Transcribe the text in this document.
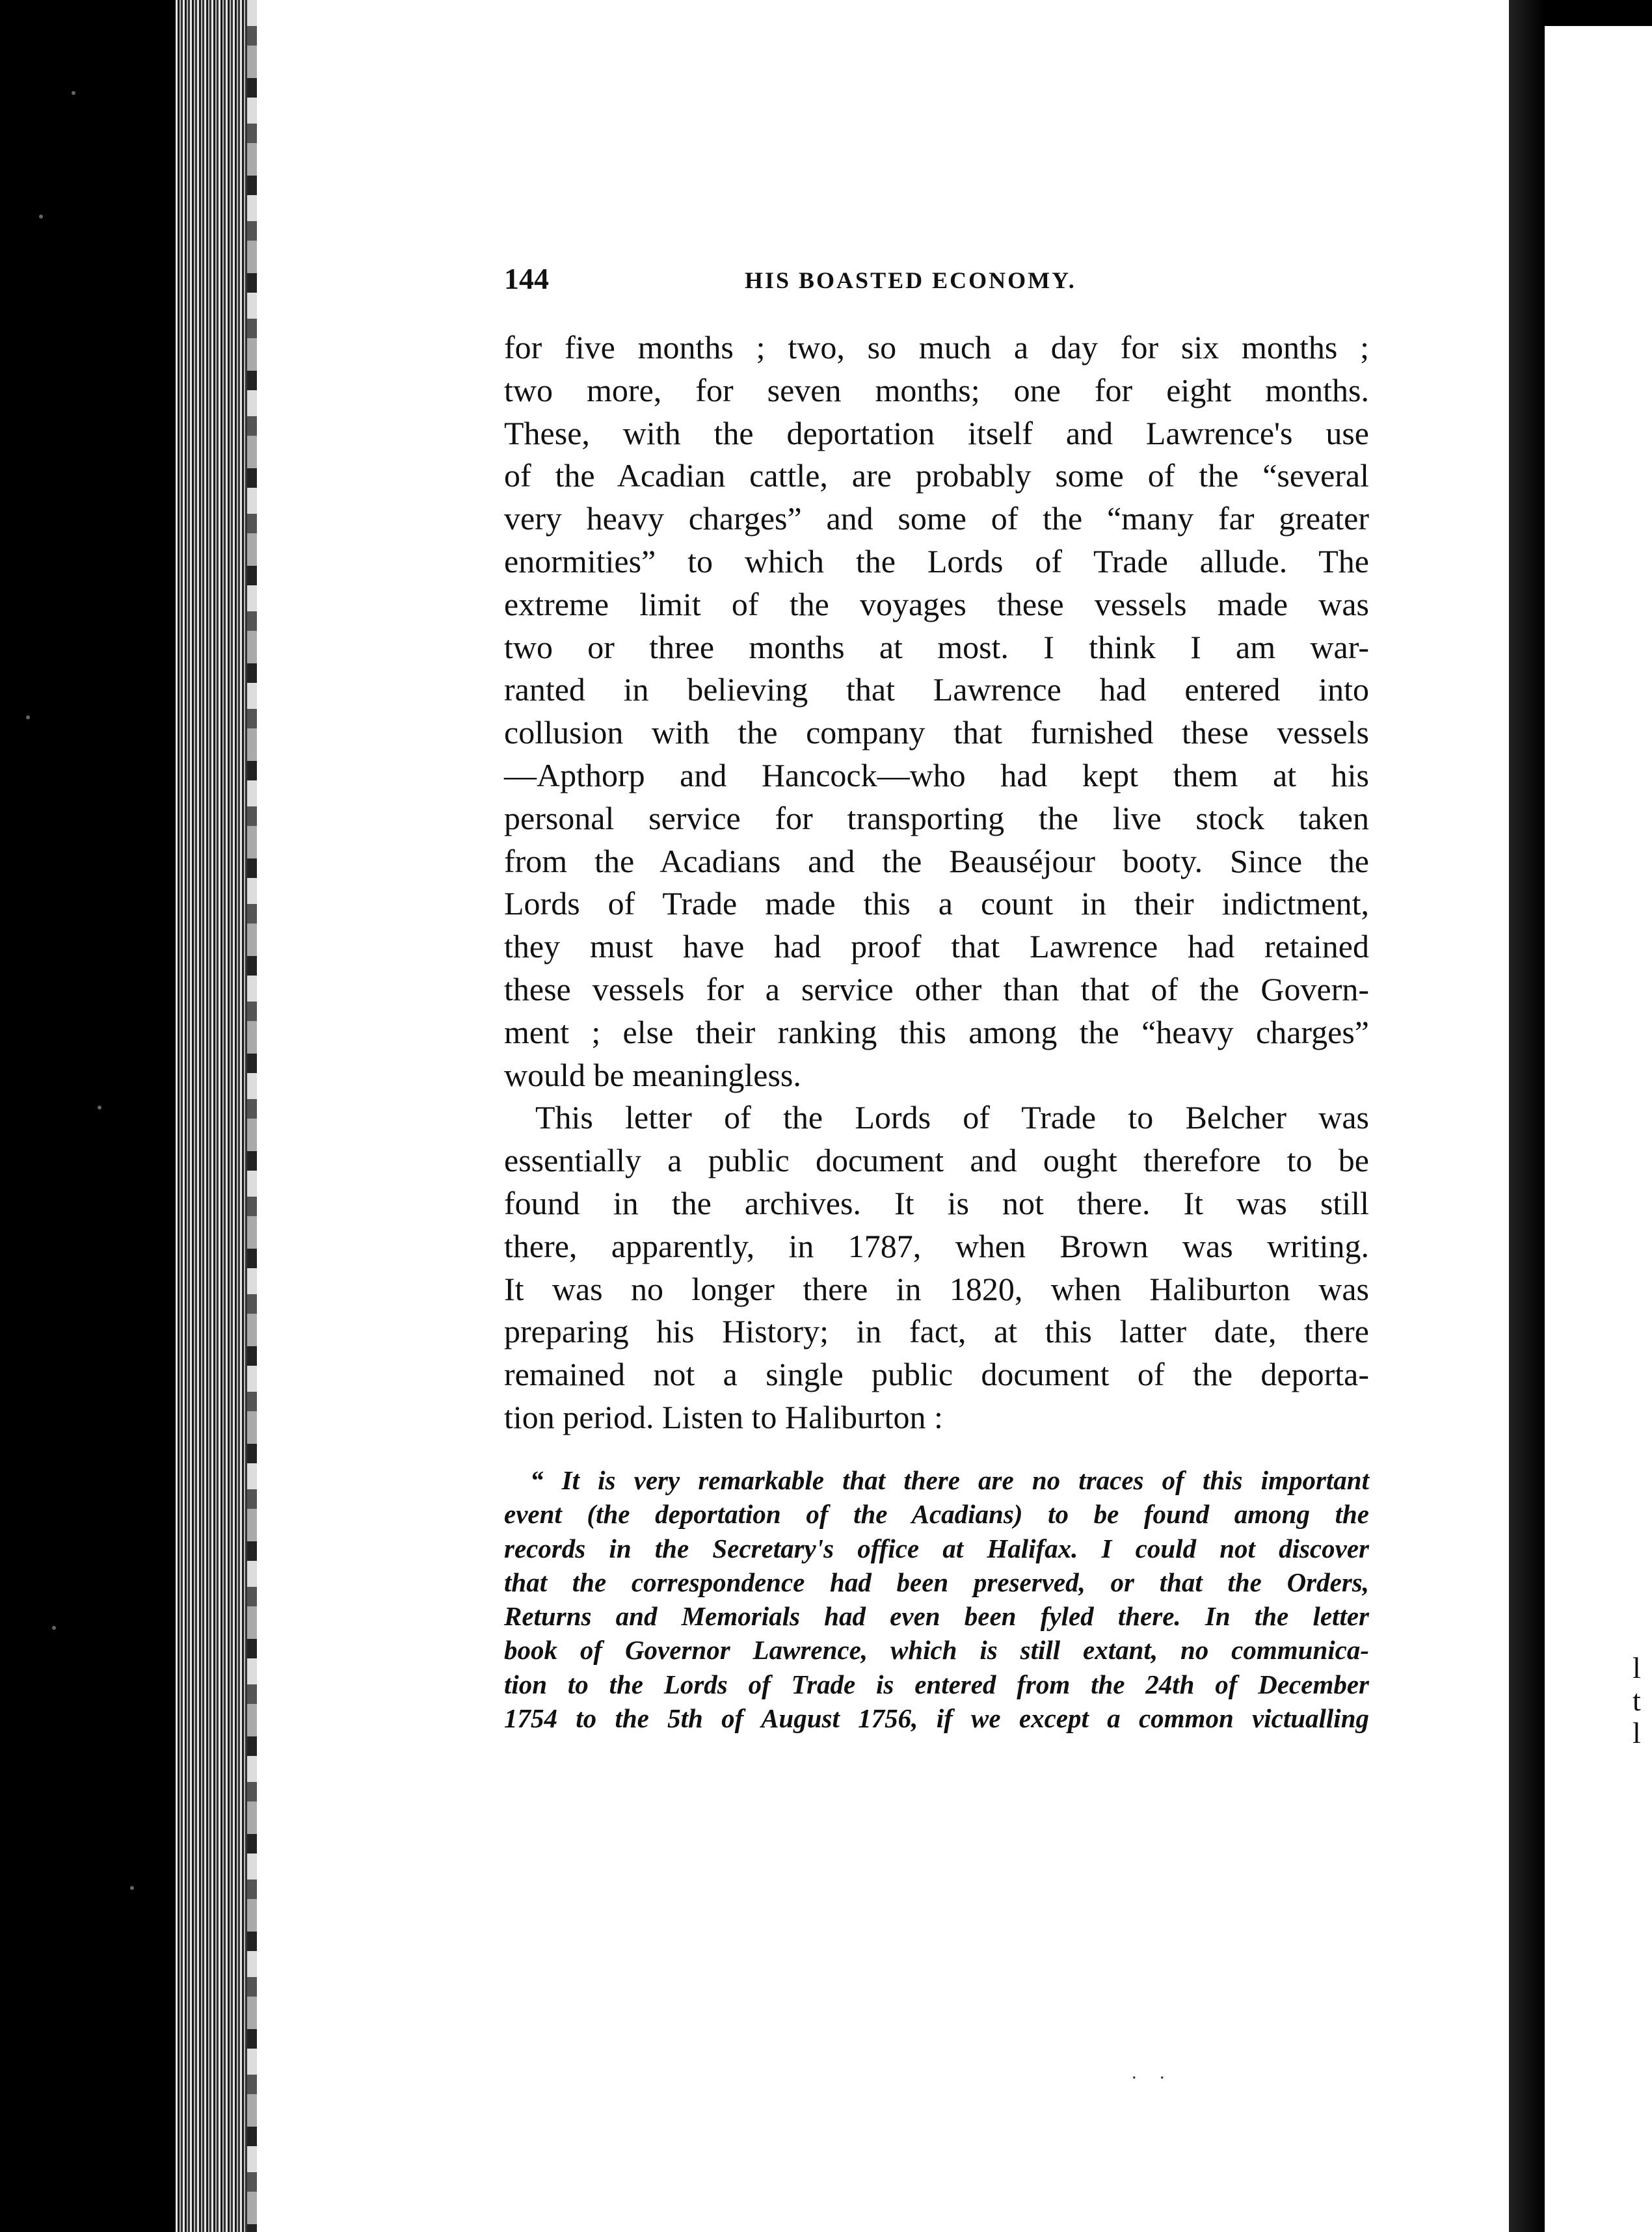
l t l
144	HIS BOASTED ECONOMY.
for five months ; two, so much a day for six months ;
two more, for seven months; one for eight months.
These, with the deportation itself and Lawrence's use
of the Acadian cattle, are probably some of the “several
very heavy charges” and some of the “many far greater
enormities” to which the Lords of Trade allude. The
extreme limit of the voyages these vessels made was
two or three months at most. I think I am war-
ranted in believing that Lawrence had entered into
collusion with the company that furnished these vessels
—Apthorp and Hancock—who had kept them at his
personal service for transporting the live stock taken
from the Acadians and the Beauséjour booty. Since the
Lords of Trade made this a count in their indictment,
they must have had proof that Lawrence had retained
these vessels for a service other than that of the Govern-
ment ; else their ranking this among the “heavy charges”
would be meaningless.
This letter of the Lords of Trade to Belcher was
essentially a public document and ought therefore to be
found in the archives. It is not there. It was still
there, apparently, in 1787, when Brown was writing.
It was no longer there in 1820, when Haliburton was
preparing his History; in fact, at this latter date, there
remained not a single public document of the deporta-
tion period. Listen to Haliburton :
“ It is very remarkable that there are no traces of this important
event (the deportation of the Acadians) to be found among the
records in the Secretary's office at Halifax. I could not discover
that the correspondence had been preserved, or that the Orders,
Returns and Memorials had even been fyled there. In the letter
book of Governor Lawrence, which is still extant, no communica-
tion to the Lords of Trade is entered from the 24th of December
1754 to the 5th of August 1756, if we except a common victualling
. .
